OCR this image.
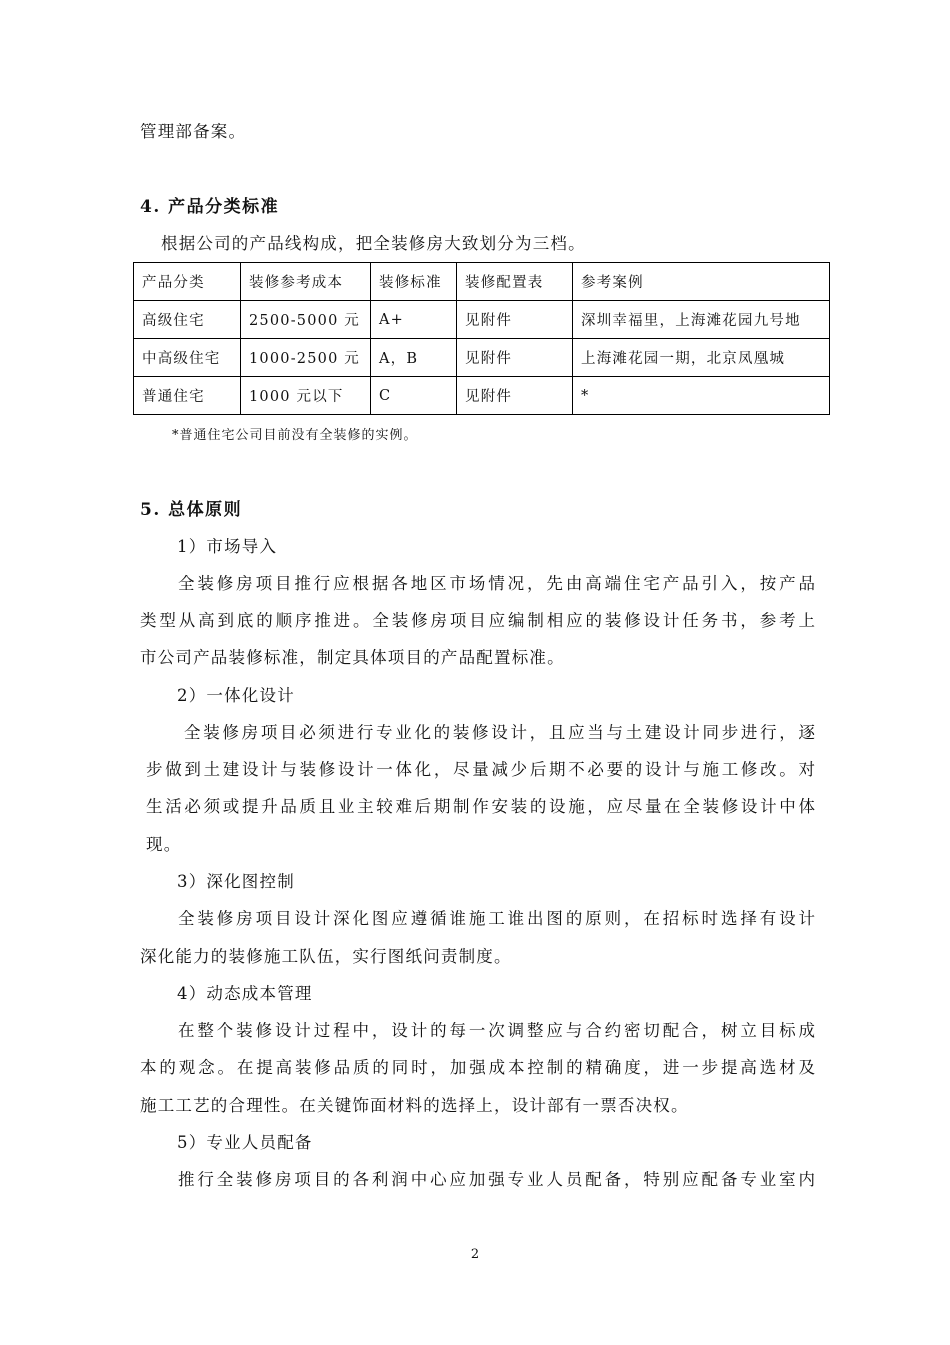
管理部备案。
4. 产品分类标准
根据公司的产品线构成，把全装修房大致划分为三档。
产品分类	装修参考成本	装修标准	装修配置表	参考案例
高级住宅	2500-5000 元	A+	见附件	深圳幸福里，上海滩花园九号地
中高级住宅	1000-2500 元	A，B	见附件	上海滩花园一期，北京凤凰城
普通住宅	1000 元以下	C	见附件	*
*普通住宅公司目前没有全装修的实例。
5. 总体原则
1）市场导入
全装修房项目推行应根据各地区市场情况，先由高端住宅产品引入，按产品
类型从高到底的顺序推进。全装修房项目应编制相应的装修设计任务书，参考上
市公司产品装修标准，制定具体项目的产品配置标准。
2）一体化设计
全装修房项目必须进行专业化的装修设计，且应当与土建设计同步进行，逐
步做到土建设计与装修设计一体化，尽量减少后期不必要的设计与施工修改。对
生活必须或提升品质且业主较难后期制作安装的设施，应尽量在全装修设计中体
现。
3）深化图控制
全装修房项目设计深化图应遵循谁施工谁出图的原则，在招标时选择有设计
深化能力的装修施工队伍，实行图纸问责制度。
4）动态成本管理
在整个装修设计过程中，设计的每一次调整应与合约密切配合，树立目标成
本的观念。在提高装修品质的同时，加强成本控制的精确度，进一步提高选材及
施工工艺的合理性。在关键饰面材料的选择上，设计部有一票否决权。
5）专业人员配备
推行全装修房项目的各利润中心应加强专业人员配备，特别应配备专业室内
2
